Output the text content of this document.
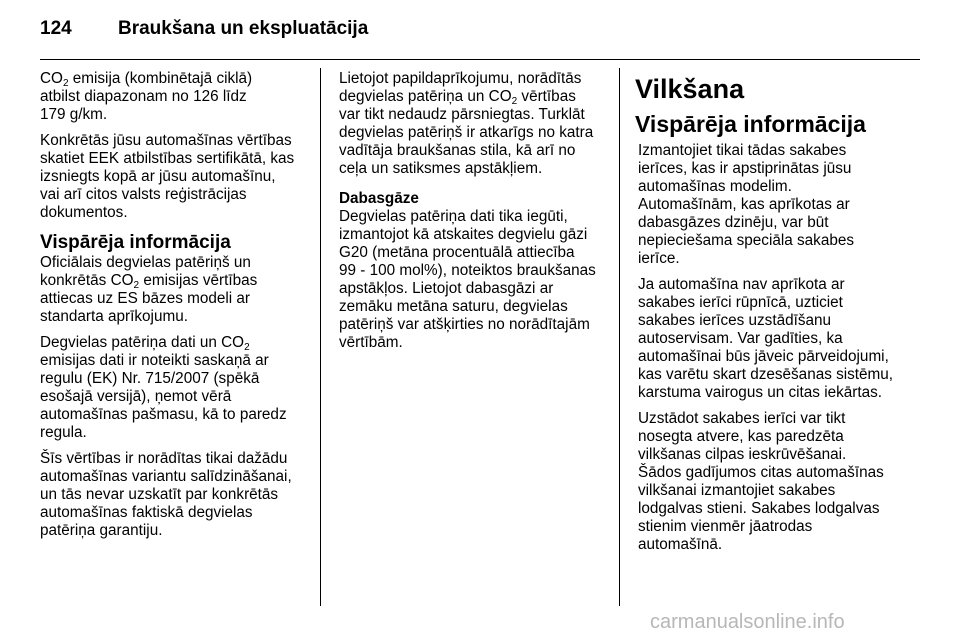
124 Braukšana un ekspluatācija

$CO_2$ emisija (kombinētajā ciklā)
atbilst diapazonam no 126 līdz
179 g/km.

Konkrētās jūsu automašīnas vērtības
skatiet EEK atbilstības sertifikātā, kas
izsniegts kopā ar jūsu automašīnu,
vai arī citos valsts reģistrācijas
dokumentos.

Vispārēja informācija

Oficiālais degvielas patēriņš un
konkrētās $CO_2$ emisijas vērtības
attiecas uz ES bāzes modeli ar
standarta aprīkojumu.

Degvielas patēriņa dati un $CO_2$
emisijas dati ir noteikti saskaņā ar
regulu (EK) Nr. 715/2007 (spēkā
esošajā versijā), ņemot vērā
automašīnas pašmasu, kā to paredz
regula.

Šīs vērtības ir norādītas tikai dažādu
automašīnas variantu salīdzināšanai,
un tās nevar uzskatīt par konkrētās
automašīnas faktiskā degvielas
patēriņa garantiju.

Lietojot papildaprīkojumu, norādītās
degvielas patēriņa un $CO_2$ vērtības
var tikt nedaudz pārsniegtas. Turklāt
degvielas patēriņš ir atkarīgs no katra
vadītāja braukšanas stila, kā arī no
ceļa un satiksmes apstākļiem.

Dabasgāze

Degvielas patēriņa dati tika iegūti,
izmantojot kā atskaites degvielu gāzi
G20 (metāna procentuālā attiecība
99 - 100 mol%), noteiktos braukšanas
apstākļos. Lietojot dabasgāzi ar
zemāku metāna saturu, degvielas
patēriņš var atšķirties no norādītajām
vērtībām.

Vilkšana
Vispārēja informācija

Izmantojiet tikai tādas sakabes
ierīces, kas ir apstiprinātas jūsu
automašīnas modelim.
Automašīnām, kas aprīkotas ar
dabasgāzes dzinēju, var būt
nepieciešama speciāla sakabes
ierīce.

Ja automašīna nav aprīkota ar
sakabes ierīci rūpnīcā, uzticiet
sakabes ierīces uzstādīšanu
autoservisam. Var gadīties, ka
automašīnai būs jāveic pārveidojumi,
kas varētu skart dzesēšanas sistēmu,
karstuma vairogus un citas iekārtas.

Uzstādot sakabes ierīci var tikt
nosegta atvere, kas paredzēta
vilkšanas cilpas ieskrūvēšanai.
Šādos gadījumos citas automašīnas
vilkšanai izmantojiet sakabes
lodgalvas stieni. Sakabes lodgalvas
stienim vienmēr jāatrodas
automašīnā.

carmanualsonline.info
